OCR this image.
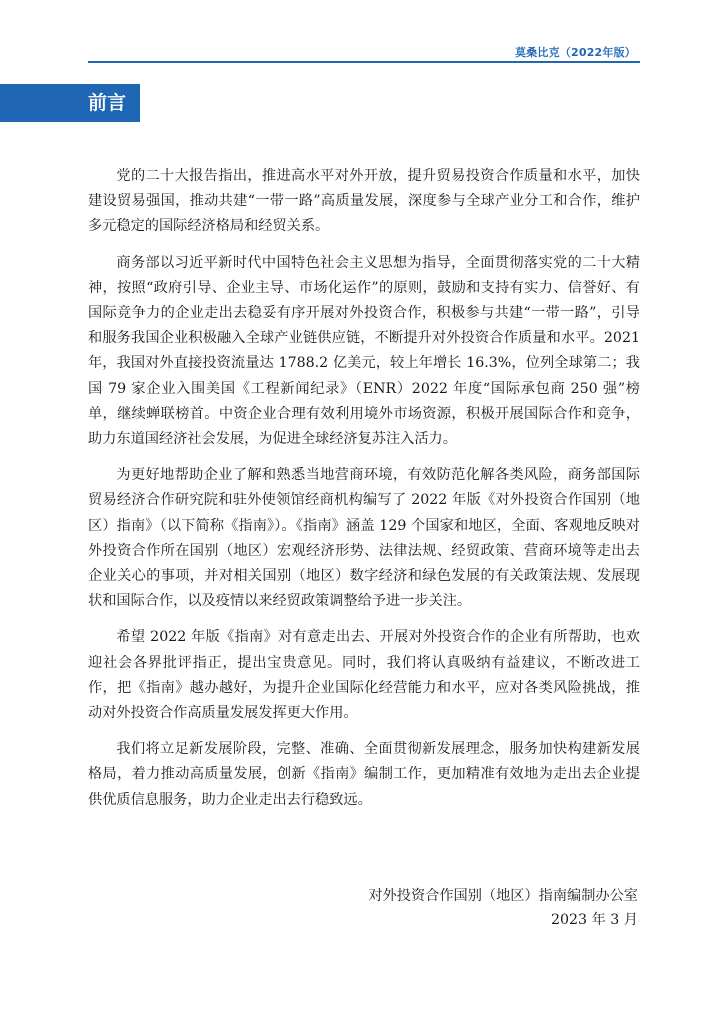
莫桑比克（2022年版）
前言

党的二十大报告指出，推进高水平对外开放，提升贸易投资合作质量和水平，加快建设贸易强国，推动共建“一带一路”高质量发展，深度参与全球产业分工和合作，维护多元稳定的国际经济格局和经贸关系。

商务部以习近平新时代中国特色社会主义思想为指导，全面贯彻落实党的二十大精神，按照“政府引导、企业主导、市场化运作”的原则，鼓励和支持有实力、信誉好、有国际竞争力的企业走出去稳妥有序开展对外投资合作，积极参与共建“一带一路”，引导和服务我国企业积极融入全球产业链供应链，不断提升对外投资合作质量和水平。2021 年，我国对外直接投资流量达 1788.2 亿美元，较上年增长 16.3%，位列全球第二；我国 79 家企业入围美国《工程新闻纪录》（ENR）2022 年度“国际承包商 250 强”榜单，继续蝉联榜首。中资企业合理有效利用境外市场资源，积极开展国际合作和竞争，助力东道国经济社会发展，为促进全球经济复苏注入活力。

为更好地帮助企业了解和熟悉当地营商环境，有效防范化解各类风险，商务部国际贸易经济合作研究院和驻外使领馆经商机构编写了 2022 年版《对外投资合作国别（地区）指南》（以下简称《指南》）。《指南》涵盖 129 个国家和地区，全面、客观地反映对外投资合作所在国别（地区）宏观经济形势、法律法规、经贸政策、营商环境等走出去企业关心的事项，并对相关国别（地区）数字经济和绿色发展的有关政策法规、发展现状和国际合作，以及疫情以来经贸政策调整给予进一步关注。

希望 2022 年版《指南》对有意走出去、开展对外投资合作的企业有所帮助，也欢迎社会各界批评指正，提出宝贵意见。同时，我们将认真吸纳有益建议，不断改进工作，把《指南》越办越好，为提升企业国际化经营能力和水平，应对各类风险挑战，推动对外投资合作高质量发展发挥更大作用。

我们将立足新发展阶段，完整、准确、全面贯彻新发展理念，服务加快构建新发展格局，着力推动高质量发展，创新《指南》编制工作，更加精准有效地为走出去企业提供优质信息服务，助力企业走出去行稳致远。

对外投资合作国别（地区）指南编制办公室
2023 年 3 月
